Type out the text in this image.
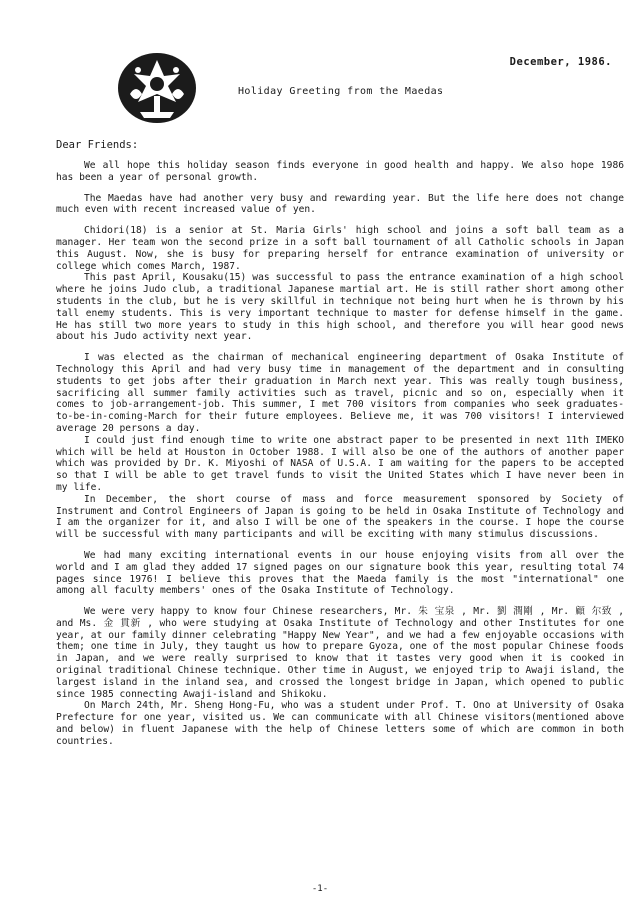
December, 1986.
Holiday Greeting from the Maedas
Dear Friends:

We all hope this holiday season finds everyone in good health and happy. We also hope 1986 has been a year of personal growth.

The Maedas have had another very busy and rewarding year. But the life here does not change much even with recent increased value of yen.

Chidori(18) is a senior at St. Maria Girls' high school and joins a soft ball team as a manager. Her team won the second prize in a soft ball tournament of all Catholic schools in Japan this August. Now, she is busy for preparing herself for entrance examination of university or college which comes March, 1987.

This past April, Kousaku(15) was successful to pass the entrance examination of a high school where he joins Judo club, a traditional Japanese martial art. He is still rather short among other students in the club, but he is very skillful in technique not being hurt when he is thrown by his tall enemy students. This is very important technique to master for defense himself in the game. He has still two more years to study in this high school, and therefore you will hear good news about his Judo activity next year.

I was elected as the chairman of mechanical engineering department of Osaka Institute of Technology this April and had very busy time in management of the department and in consulting students to get jobs after their graduation in March next year. This was really tough business, sacrificing all summer family activities such as travel, picnic and so on, especially when it comes to job-arrangement-job. This summer, I met 700 visitors from companies who seek graduates-to-be-in-coming-March for their future employees. Believe me, it was 700 visitors! I interviewed average 20 persons a day.

I could just find enough time to write one abstract paper to be presented in next 11th IMEKO which will be held at Houston in October 1988. I will also be one of the authors of another paper which was provided by Dr. K. Miyoshi of NASA of U.S.A. I am waiting for the papers to be accepted so that I will be able to get travel funds to visit the United States which I have never been in my life.

In December, the short course of mass and force measurement sponsored by Society of Instrument and Control Engineers of Japan is going to be held in Osaka Institute of Technology and I am the organizer for it, and also I will be one of the speakers in the course. I hope the course will be successful with many participants and will be exciting with many stimulus discussions.

We had many exciting international events in our house enjoying visits from all over the world and I am glad they added 17 signed pages on our signature book this year, resulting total 74 pages since 1976! I believe this proves that the Maeda family is the most "international" one among all faculty members' ones of the Osaka Institute of Technology.

We were very happy to know four Chinese researchers, Mr. 朱 宝泉 , Mr. 劉 潤剛 , Mr. 顧 尔致 , and Ms. 金 貫新 , who were studying at Osaka Institute of Technology and other Institutes for one year, at our family dinner celebrating "Happy New Year", and we had a few enjoyable occasions with them; one time in July, they taught us how to prepare Gyoza, one of the most popular Chinese foods in Japan, and we were really surprised to know that it tastes very good when it is cooked in original traditional Chinese technique. Other time in August, we enjoyed trip to Awaji island, the largest island in the inland sea, and crossed the longest bridge in Japan, which opened to public since 1985 connecting Awaji-island and Shikoku.

On March 24th, Mr. Sheng Hong-Fu, who was a student under Prof. T. Ono at University of Osaka Prefecture for one year, visited us. We can communicate with all Chinese visitors(mentioned above and below) in fluent Japanese with the help of Chinese letters some of which are common in both countries.

-1-
